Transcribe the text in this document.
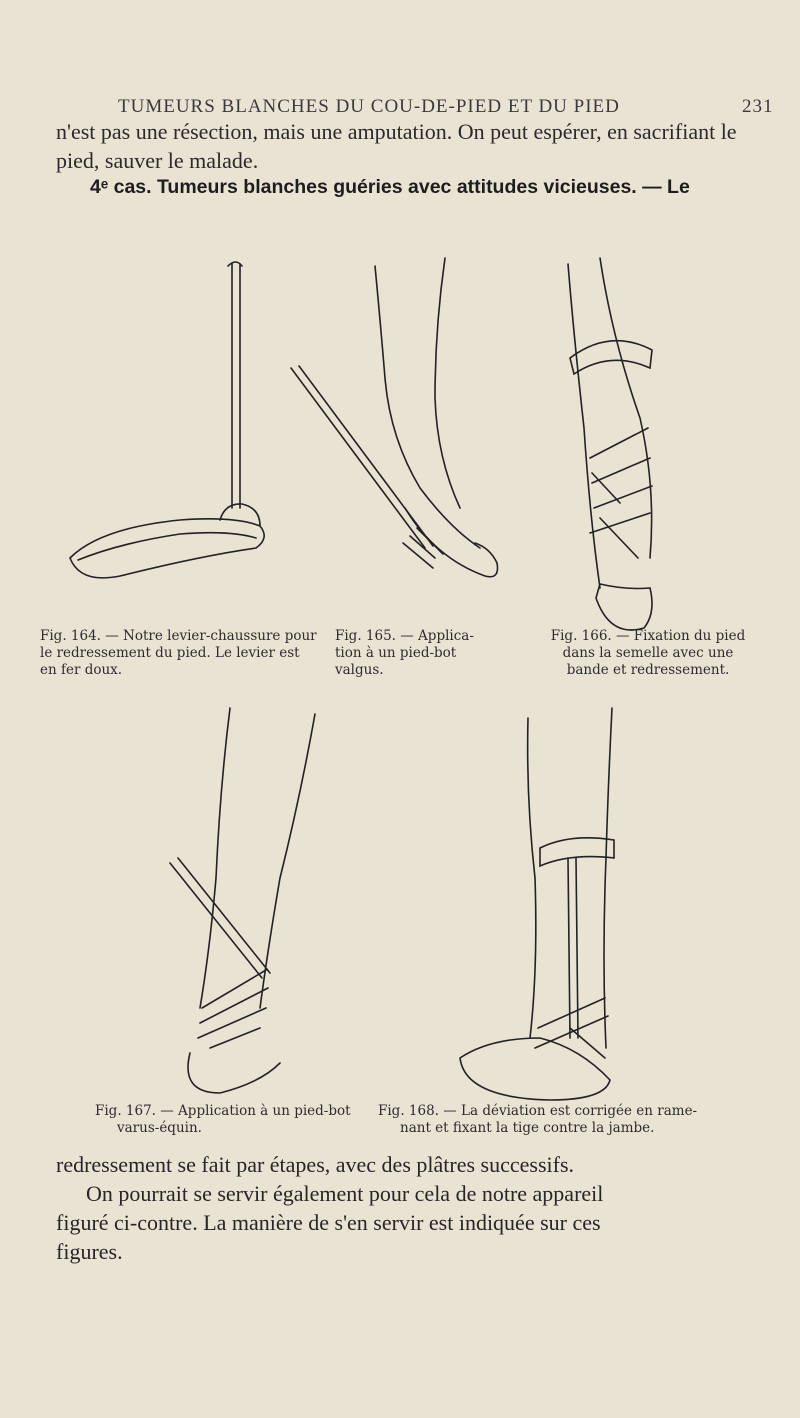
TUMEURS BLANCHES DU COU-DE-PIED ET DU PIED	231
n'est pas une résection, mais une amputation. On peut espérer, en sacrifiant le pied, sauver le malade.
4ᵉ cas. Tumeurs blanches guéries avec attitudes vicieuses. — Le
Fig. 164. — Notre levier-chaussure pour
le redressement du pied. Le levier est
en fer doux.
Fig. 165. — Applica-
tion à un pied-bot
valgus.
Fig. 166. — Fixation du pied
dans la semelle avec une
bande et redressement.
Fig. 167. — Application à un pied-bot

varus-équin.
Fig. 168. — La déviation est corrigée en rame-

nant et fixant la tige contre la jambe.
redressement se fait par étapes, avec des plâtres successifs.
On pourrait se servir également pour cela de notre appareil
figuré ci-contre. La manière de s'en servir est indiquée sur ces
figures.
